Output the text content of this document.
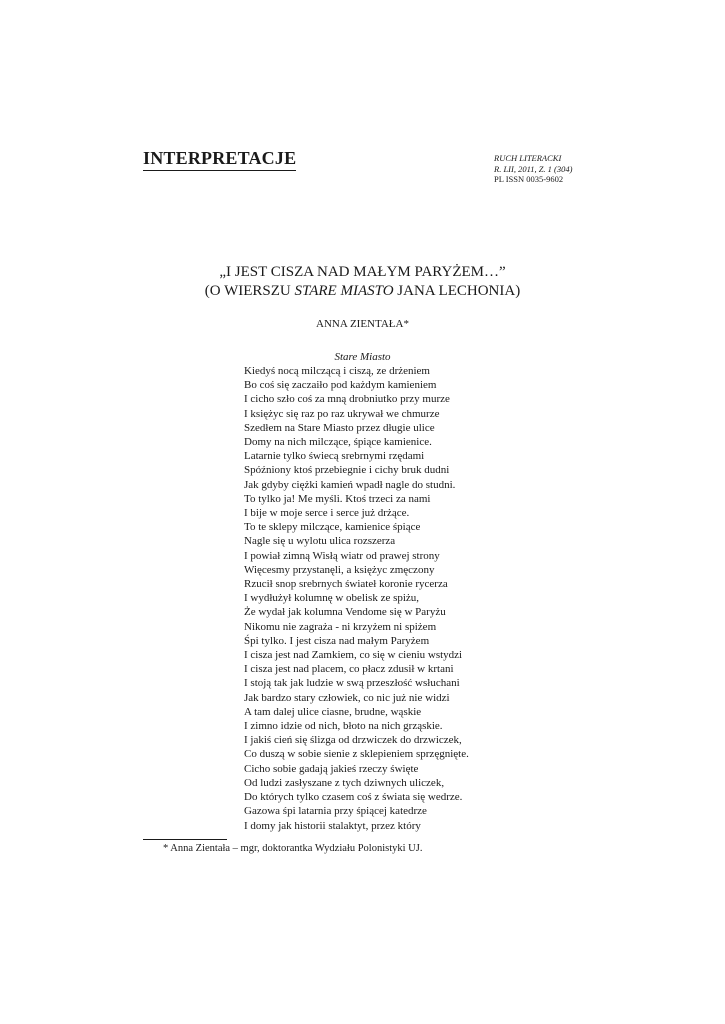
INTERPRETACJE	RUCH LITERACKI
R. LII, 2011, Z. 1 (304)
PL ISSN 0035-9602
„I JEST CISZA NAD MAŁYM PARYŻEM…”
(O WIERSZU STARE MIASTO JANA LECHONIA)
ANNA ZIENTAŁA*
Stare Miasto
Kiedyś nocą milczącą i ciszą, ze drżeniem
Bo coś się zaczaiło pod każdym kamieniem
I cicho szło coś za mną drobniutko przy murze
I księżyc się raz po raz ukrywał we chmurze
Szedłem na Stare Miasto przez długie ulice
Domy na nich milczące, śpiące kamienice.
Latarnie tylko świecą srebrnymi rzędami
Spóźniony ktoś przebiegnie i cichy bruk dudni
Jak gdyby ciężki kamień wpadł nagle do studni.
To tylko ja! Me myśli. Ktoś trzeci za nami
I bije w moje serce i serce już drżące.
To te sklepy milczące, kamienice śpiące
Nagle się u wylotu ulica rozszerza
I powiał zimną Wisłą wiatr od prawej strony
Więcesmy przystanęli, a księżyc zmęczony
Rzucił snop srebrnych świateł koronie rycerza
I wydłużył kolumnę w obelisk ze spiżu,
Że wydał jak kolumna Vendome się w Paryżu
Nikomu nie zagraża - ni krzyżem ni spiżem
Śpi tylko. I jest cisza nad małym Paryżem
I cisza jest nad Zamkiem, co się w cieniu wstydzi
I cisza jest nad placem, co płacz zdusił w krtani
I stoją tak jak ludzie w swą przeszłość wsłuchani
Jak bardzo stary człowiek, co nic już nie widzi
A tam dalej ulice ciasne, brudne, wąskie
I zimno idzie od nich, błoto na nich grząskie.
I jakiś cień się ślizga od drzwiczek do drzwiczek,
Co duszą w sobie sienie z sklepieniem sprzęgnięte.
Cicho sobie gadają jakieś rzeczy święte
Od ludzi zasłyszane z tych dziwnych uliczek,
Do których tylko czasem coś z świata się wedrze.
Gazowa śpi latarnia przy śpiącej katedrze
I domy jak historii stalaktyt, przez który
* Anna Zientała – mgr, doktorantka Wydziału Polonistyki UJ.
